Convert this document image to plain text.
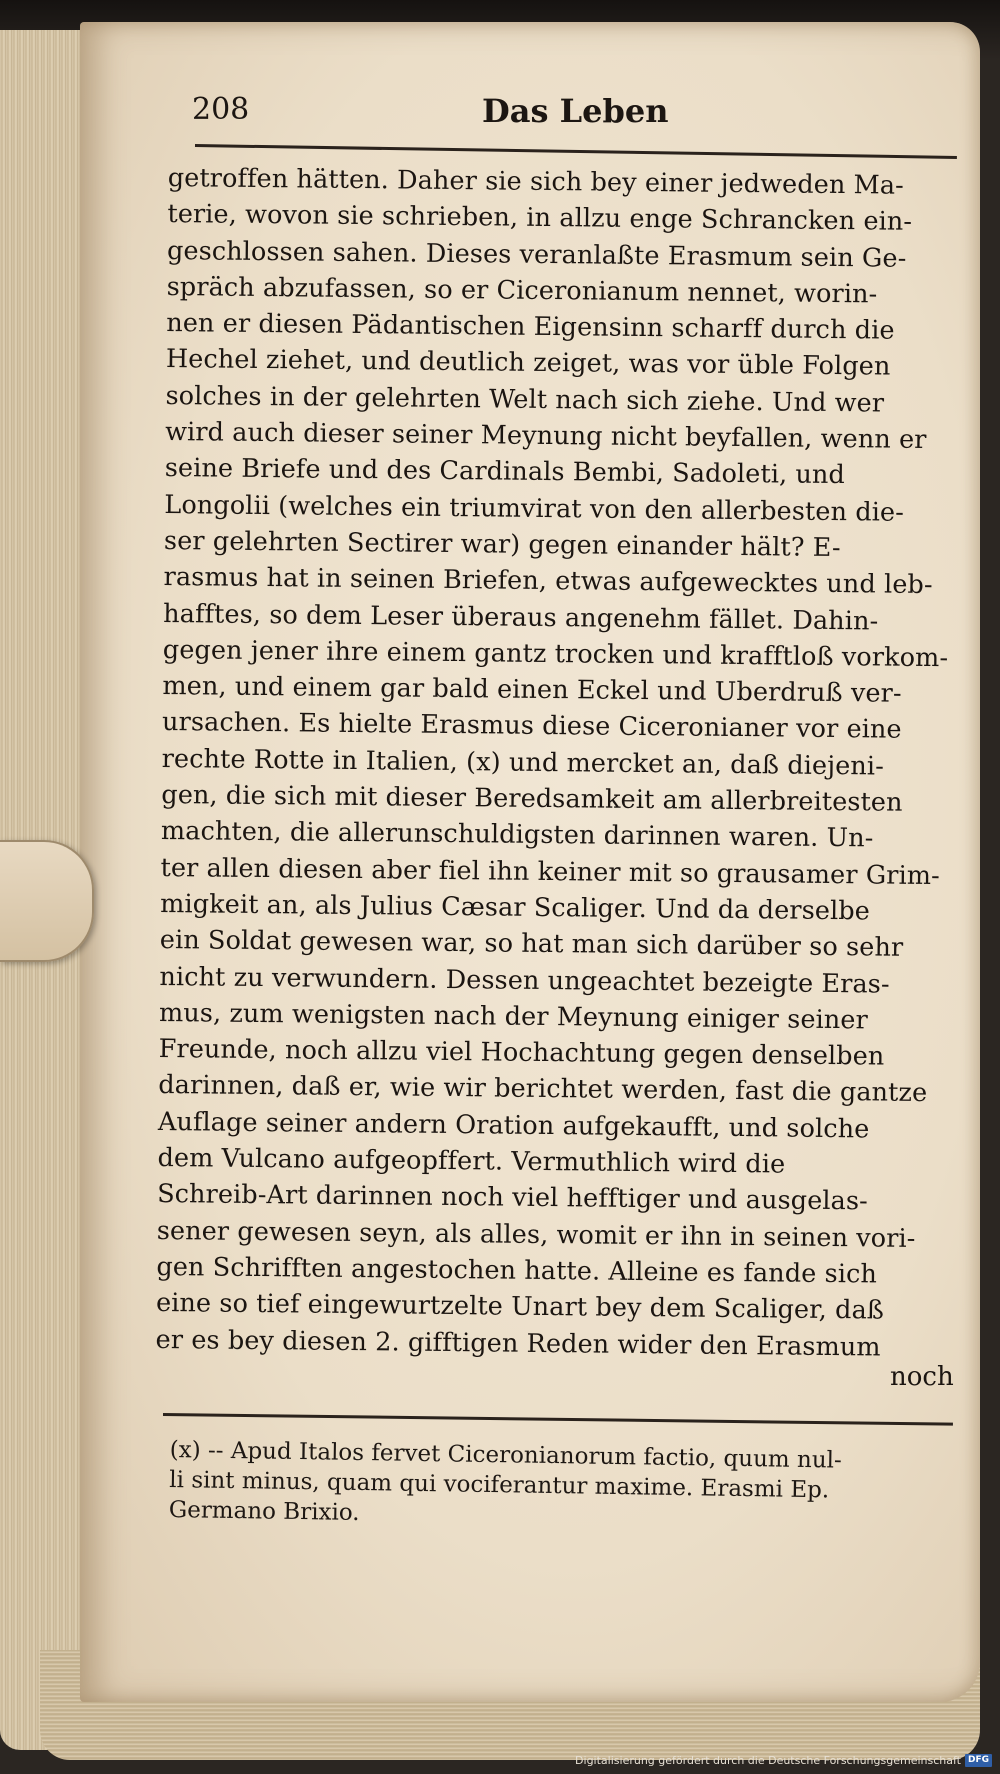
208	Das Leben
getroffen hätten. Daher sie sich bey einer jedweden Ma-
terie, wovon sie schrieben, in allzu enge Schrancken ein-
geschlossen sahen. Dieses veranlaßte Erasmum sein Ge-
spräch abzufassen, so er Ciceronianum nennet, worin-
nen er diesen Pädantischen Eigensinn scharff durch die
Hechel ziehet, und deutlich zeiget, was vor üble Folgen
solches in der gelehrten Welt nach sich ziehe. Und wer
wird auch dieser seiner Meynung nicht beyfallen, wenn er
seine Briefe und des Cardinals Bembi, Sadoleti, und
Longolii (welches ein triumvirat von den allerbesten die-
ser gelehrten Sectirer war) gegen einander hält? E-
rasmus hat in seinen Briefen, etwas aufgewecktes und leb-
hafftes, so dem Leser überaus angenehm fället. Dahin-
gegen jener ihre einem gantz trocken und krafftloß vorkom-
men, und einem gar bald einen Eckel und Uberdruß ver-
ursachen. Es hielte Erasmus diese Ciceronianer vor eine
rechte Rotte in Italien, (x) und mercket an, daß diejeni-
gen, die sich mit dieser Beredsamkeit am allerbreitesten
machten, die allerunschuldigsten darinnen waren. Un-
ter allen diesen aber fiel ihn keiner mit so grausamer Grim-
migkeit an, als Julius Cæsar Scaliger. Und da derselbe
ein Soldat gewesen war, so hat man sich darüber so sehr
nicht zu verwundern. Dessen ungeachtet bezeigte Eras-
mus, zum wenigsten nach der Meynung einiger seiner
Freunde, noch allzu viel Hochachtung gegen denselben
darinnen, daß er, wie wir berichtet werden, fast die gantze
Auflage seiner andern Oration aufgekaufft, und solche
dem Vulcano aufgeopffert. Vermuthlich wird die
Schreib-Art darinnen noch viel hefftiger und ausgelas-
sener gewesen seyn, als alles, womit er ihn in seinen vori-
gen Schrifften angestochen hatte. Alleine es fande sich
eine so tief eingewurtzelte Unart bey dem Scaliger, daß
er es bey diesen 2. gifftigen Reden wider den Erasmum
noch
(x) -- Apud Italos fervet Ciceronianorum factio, quum nul-
li sint minus, quam qui vociferantur maxime. Erasmi Ep.
Germano Brixio.
Digitalisierung gefördert durch die Deutsche Forschungsgemeinschaft DFG
